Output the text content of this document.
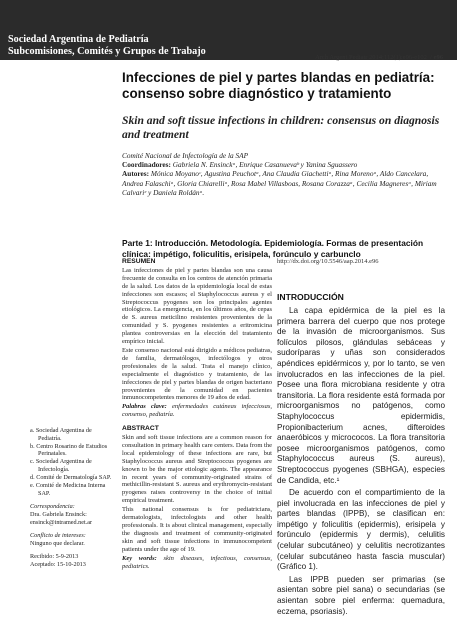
Sociedad Argentina de Pediatría
Subcomisiones, Comités y Grupos de Trabajo
Arch Argent Pediatr 2014;112(1):e96-e102  / e96
Infecciones de piel y partes blandas en pediatría: consenso sobre diagnóstico y tratamiento
Skin and soft tissue infections in children: consensus on diagnosis and treatment
Comité Nacional de Infectología de la SAP
Coordinadores: Gabriela N. Ensinckᵃ, Enrique Casanuevaᵇ y Yanina Sguassero
Autores: Mónica Moyanoᶜ, Agustina Peuchotᵃ, Ana Claudia Giachettiᵃ, Rina Morenoᵃ, Aldo Cancelara, Andrea Falaschiᵃ, Gloria Chiarelliᵃ, Rosa Mabel Villasboas, Rosana Corazzaᵃ, Cecilia Magneresᵃ, Miriam Calvariᵉ y Daniela Roldánᵃ.
Parte 1: Introducción. Metodología. Epidemiología. Formas de presentación clínica: impétigo, foliculitis, erisipela, forúnculo y carbunclo
RESUMEN

Las infecciones de piel y partes blandas son una causa frecuente de consulta en los centros de atención primaria de la salud. Los datos de la epidemiología local de estas infecciones son escasos; el Staphylococcus aureus y el Streptococcus pyogenes son los principales agentes etiológicos. La emergencia, en los últimos años, de cepas de S. aureus meticilino resistentes provenientes de la comunidad y S. pyogenes resistentes a eritromicina plantea controversias en la elección del tratamiento empírico inicial.

Este consenso nacional está dirigido a médicos pediatras, de familia, dermatólogos, infectólogos y otros profesionales de la salud. Trata el manejo clínico, especialmente el diagnóstico y tratamiento, de las infecciones de piel y partes blandas de origen bacteriano provenientes de la comunidad en pacientes inmunocompetentes menores de 19 años de edad.

Palabras clave: enfermedades cutáneas infecciosas, consenso, pediatría.

ABSTRACT

Skin and soft tissue infections are a common reason for consultation in primary health care centers. Data from the local epidemiology of these infections are rare, but Staphylococcus aureus and Streptococcus pyogenes are known to be the major etiologic agents. The appearance in recent years of community-originated strains of methicillin-resistant S. aureus and erythromycin-resistant pyogenes raises controversy in the choice of initial empirical treatment.

This national consensus is for pediatricians, dermatologists, infectologists and other health professionals. It is about clinical management, especially the diagnosis and treatment of community-originated skin and soft tissue infections in immunocompetent patients under the age of 19.

Key words: skin diseases, infectious, consensus, pediatrics.

http://dx.doi.org/10.5546/aap.2014.e96

INTRODUCCIÓN

La capa epidérmica de la piel es la primera barrera del cuerpo que nos protege de la invasión de microorganismos. Sus folículos pilosos, glándulas sebáceas y sudoríparas y uñas son considerados apéndices epidérmicos y, por lo tanto, se ven involucrados en las infecciones de la piel. Posee una flora microbiana residente y otra transitoria. La flora residente está formada por microorganismos no patógenos, como Staphylococcus epidermidis, Propionibacterium acnes, difteroides anaeróbicos y micrococos. La flora transitoria posee microorganismos patógenos, como Staphylococcus aureus (S. aureus), Streptococcus pyogenes (SBHGA), especies de Candida, etc.¹

De acuerdo con el compartimiento de la piel involucrada en las infecciones de piel y partes blandas (IPPB), se clasifican en: impétigo y foliculitis (epidermis), erisipela y forúnculo (epidermis y dermis), celulitis (celular subcutáneo) y celulitis necrotizantes (celular subcutáneo hasta fascia muscular) (Gráfico 1).

Las IPPB pueden ser primarias (se asientan sobre piel sana) o secundarias (se asientan sobre piel enferma: quemadura, eczema, psoriasis).

a. Sociedad Argentina de Pediatría.
b. Centro Rosarino de Estudios Perinatales.
c. Sociedad Argentina de Infectología.
d. Comité de Dermatología SAP.
e. Comité de Medicina Interna SAP.
Correspondencia:
Dra. Gabriela Ensinck: ensinck@intramed.net.ar
Conflicto de intereses:
Ninguno que declarar.
Recibido: 5-9-2013
Aceptado: 15-10-2013
